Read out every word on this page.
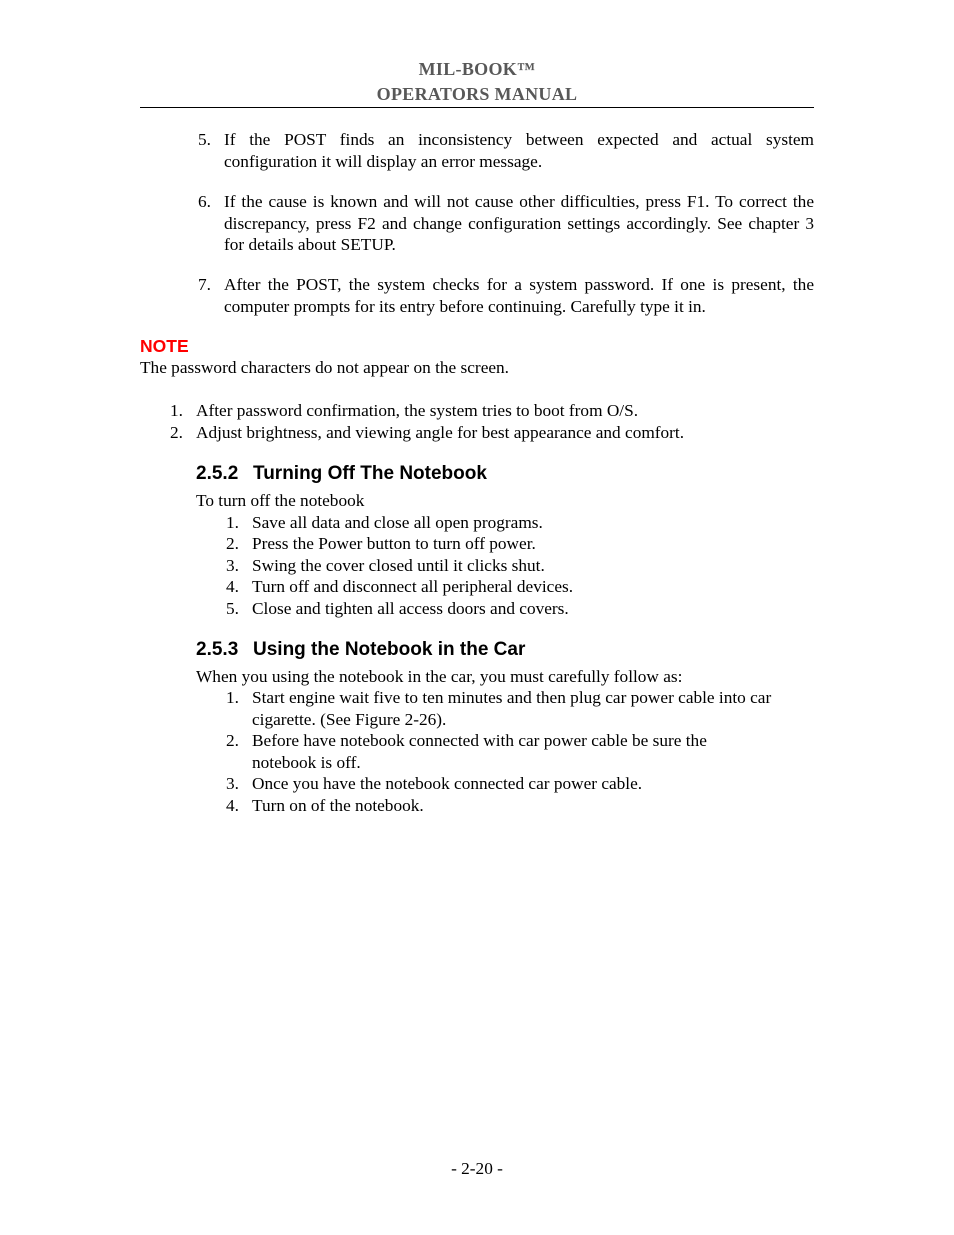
MIL-BOOK™
OPERATORS MANUAL
5. If the POST finds an inconsistency between expected and actual system configuration it will display an error message.
6. If the cause is known and will not cause other difficulties, press F1. To correct the discrepancy, press F2 and change configuration settings accordingly. See chapter 3 for details about SETUP.
7. After the POST, the system checks for a system password. If one is present, the computer prompts for its entry before continuing. Carefully type it in.
NOTE
The password characters do not appear on the screen.
1. After password confirmation, the system tries to boot from O/S.
2. Adjust brightness, and viewing angle for best appearance and comfort.
2.5.2 Turning Off The Notebook
To turn off the notebook
1. Save all data and close all open programs.
2. Press the Power button to turn off power.
3. Swing the cover closed until it clicks shut.
4. Turn off and disconnect all peripheral devices.
5. Close and tighten all access doors and covers.
2.5.3 Using the Notebook in the Car
When you using the notebook in the car, you must carefully follow as:
1. Start engine wait five to ten minutes and then plug car power cable into car cigarette. (See Figure 2-26).
2. Before have notebook connected with car power cable be sure the notebook is off.
3. Once you have the notebook connected car power cable.
4. Turn on of the notebook.
- 2-20 -
